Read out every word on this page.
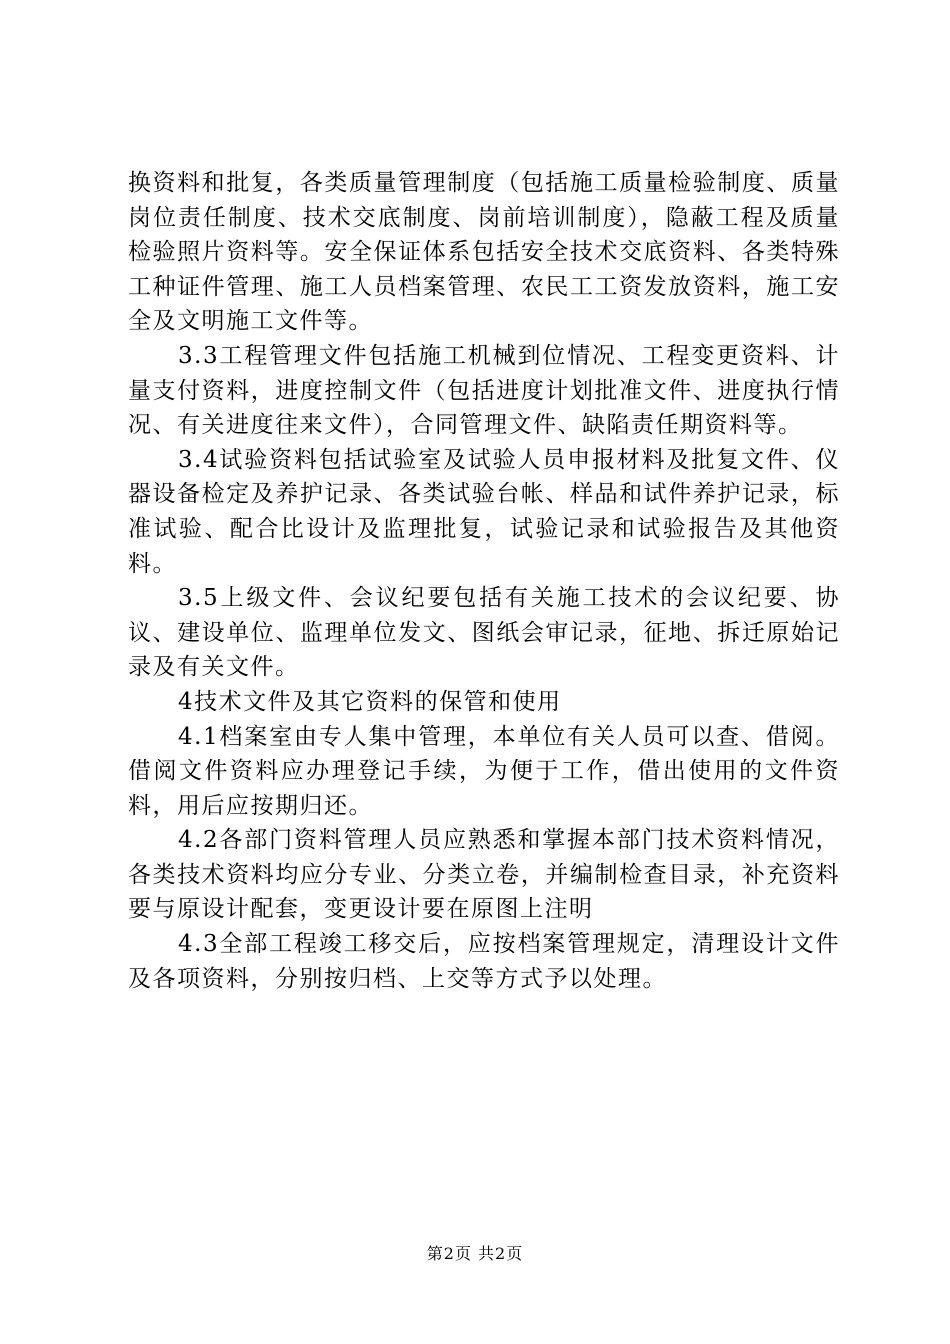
换资料和批复，各类质量管理制度（包括施工质量检验制度、质量岗位责任制度、技术交底制度、岗前培训制度），隐蔽工程及质量检验照片资料等。安全保证体系包括安全技术交底资料、各类特殊工种证件管理、施工人员档案管理、农民工工资发放资料，施工安全及文明施工文件等。

3.3工程管理文件包括施工机械到位情况、工程变更资料、计量支付资料，进度控制文件（包括进度计划批准文件、进度执行情况、有关进度往来文件），合同管理文件、缺陷责任期资料等。

3.4试验资料包括试验室及试验人员申报材料及批复文件、仪器设备检定及养护记录、各类试验台帐、样品和试件养护记录，标准试验、配合比设计及监理批复，试验记录和试验报告及其他资料。

3.5上级文件、会议纪要包括有关施工技术的会议纪要、协议、建设单位、监理单位发文、图纸会审记录，征地、拆迁原始记录及有关文件。

4技术文件及其它资料的保管和使用

4.1档案室由专人集中管理，本单位有关人员可以查、借阅。借阅文件资料应办理登记手续，为便于工作，借出使用的文件资料，用后应按期归还。

4.2各部门资料管理人员应熟悉和掌握本部门技术资料情况，各类技术资料均应分专业、分类立卷，并编制检查目录，补充资料要与原设计配套，变更设计要在原图上注明

4.3全部工程竣工移交后，应按档案管理规定，清理设计文件及各项资料，分别按归档、上交等方式予以处理。

第2页 共2页
